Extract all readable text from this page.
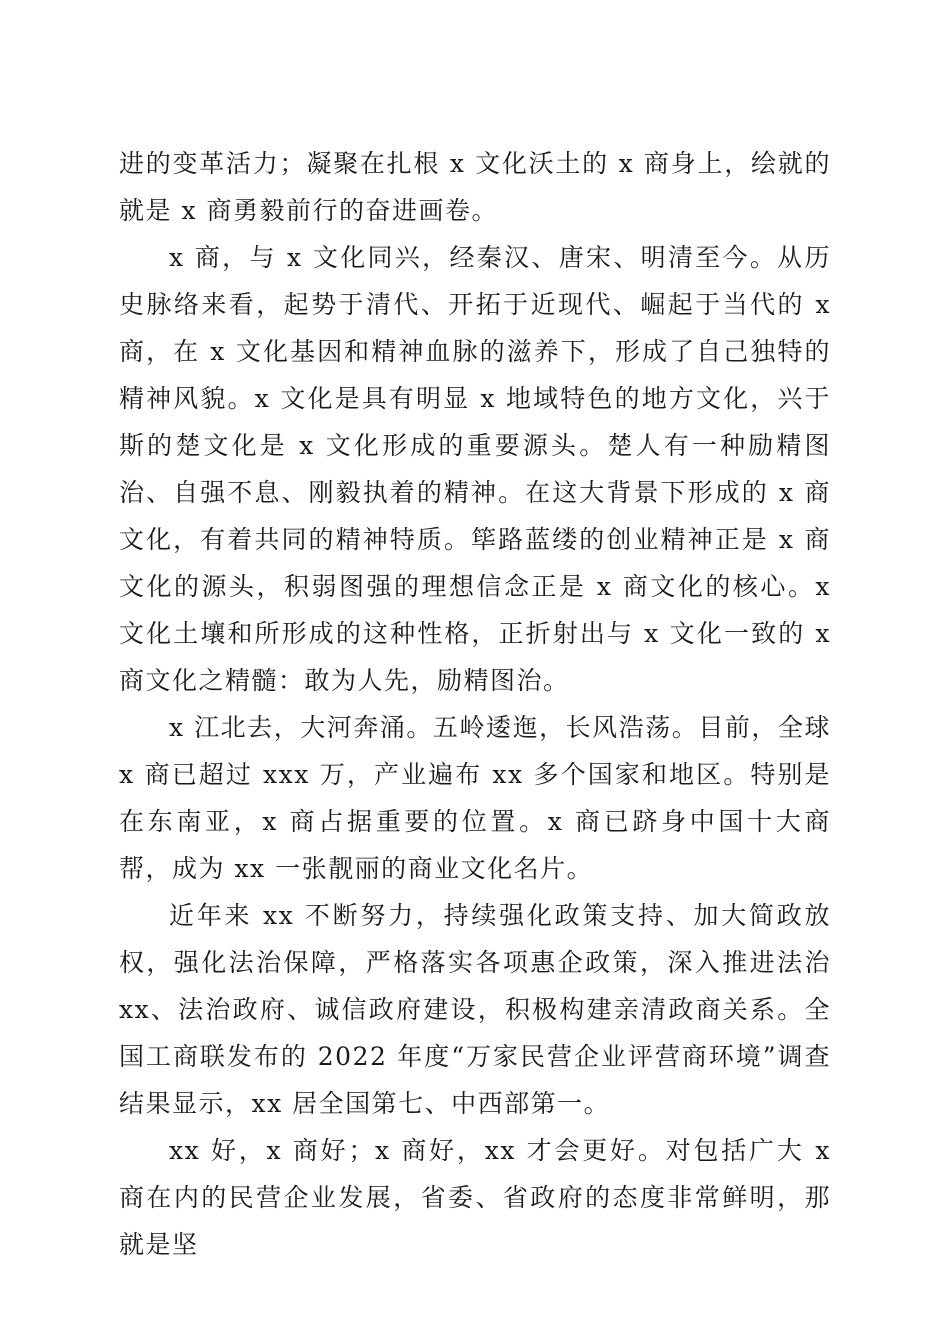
进的变革活力；凝聚在扎根 x 文化沃土的 x 商身上，绘就的就是 x 商勇毅前行的奋进画卷。

x 商，与 x 文化同兴，经秦汉、唐宋、明清至今。从历史脉络来看，起势于清代、开拓于近现代、崛起于当代的 x 商，在 x 文化基因和精神血脉的滋养下，形成了自己独特的精神风貌。x 文化是具有明显 x 地域特色的地方文化，兴于斯的楚文化是 x 文化形成的重要源头。楚人有一种励精图治、自强不息、刚毅执着的精神。在这大背景下形成的 x 商文化，有着共同的精神特质。筚路蓝缕的创业精神正是 x 商文化的源头，积弱图强的理想信念正是 x 商文化的核心。x 文化土壤和所形成的这种性格，正折射出与 x 文化一致的 x 商文化之精髓：敢为人先，励精图治。

x 江北去，大河奔涌。五岭逶迤，长风浩荡。目前，全球 x 商已超过 xxx 万，产业遍布 xx 多个国家和地区。特别是在东南亚，x 商占据重要的位置。x 商已跻身中国十大商帮，成为 xx 一张靓丽的商业文化名片。

近年来 xx 不断努力，持续强化政策支持、加大简政放权，强化法治保障，严格落实各项惠企政策，深入推进法治 xx、法治政府、诚信政府建设，积极构建亲清政商关系。全国工商联发布的 2022 年度“万家民营企业评营商环境”调查结果显示，xx 居全国第七、中西部第一。

xx 好，x 商好；x 商好，xx 才会更好。对包括广大 x 商在内的民营企业发展，省委、省政府的态度非常鲜明，那就是坚
